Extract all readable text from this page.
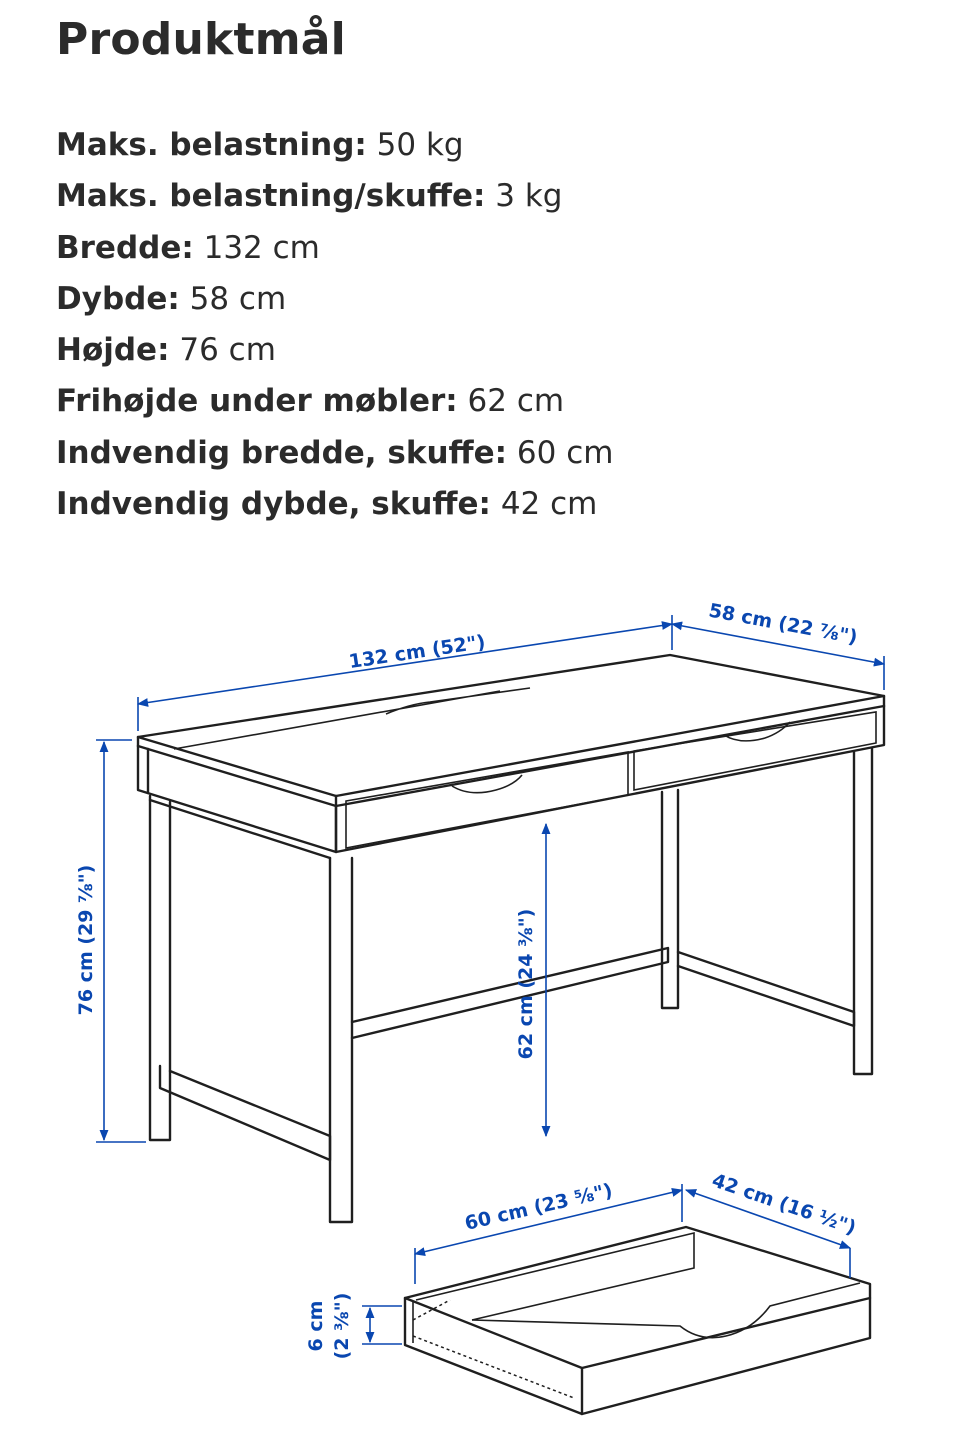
Produktmål
Maks. belastning: 50 kg
Maks. belastning/skuffe: 3 kg
Bredde: 132 cm
Dybde: 58 cm
Højde: 76 cm
Frihøjde under møbler: 62 cm
Indvendig bredde, skuffe: 60 cm
Indvendig dybde, skuffe: 42 cm
132 cm (52")
58 cm (22 ⅞")
76 cm (29 ⅞")	62 cm (24 ⅜")
60 cm (23 ⅝")	42 cm (16 ½")
6 cm (2 ⅜")
